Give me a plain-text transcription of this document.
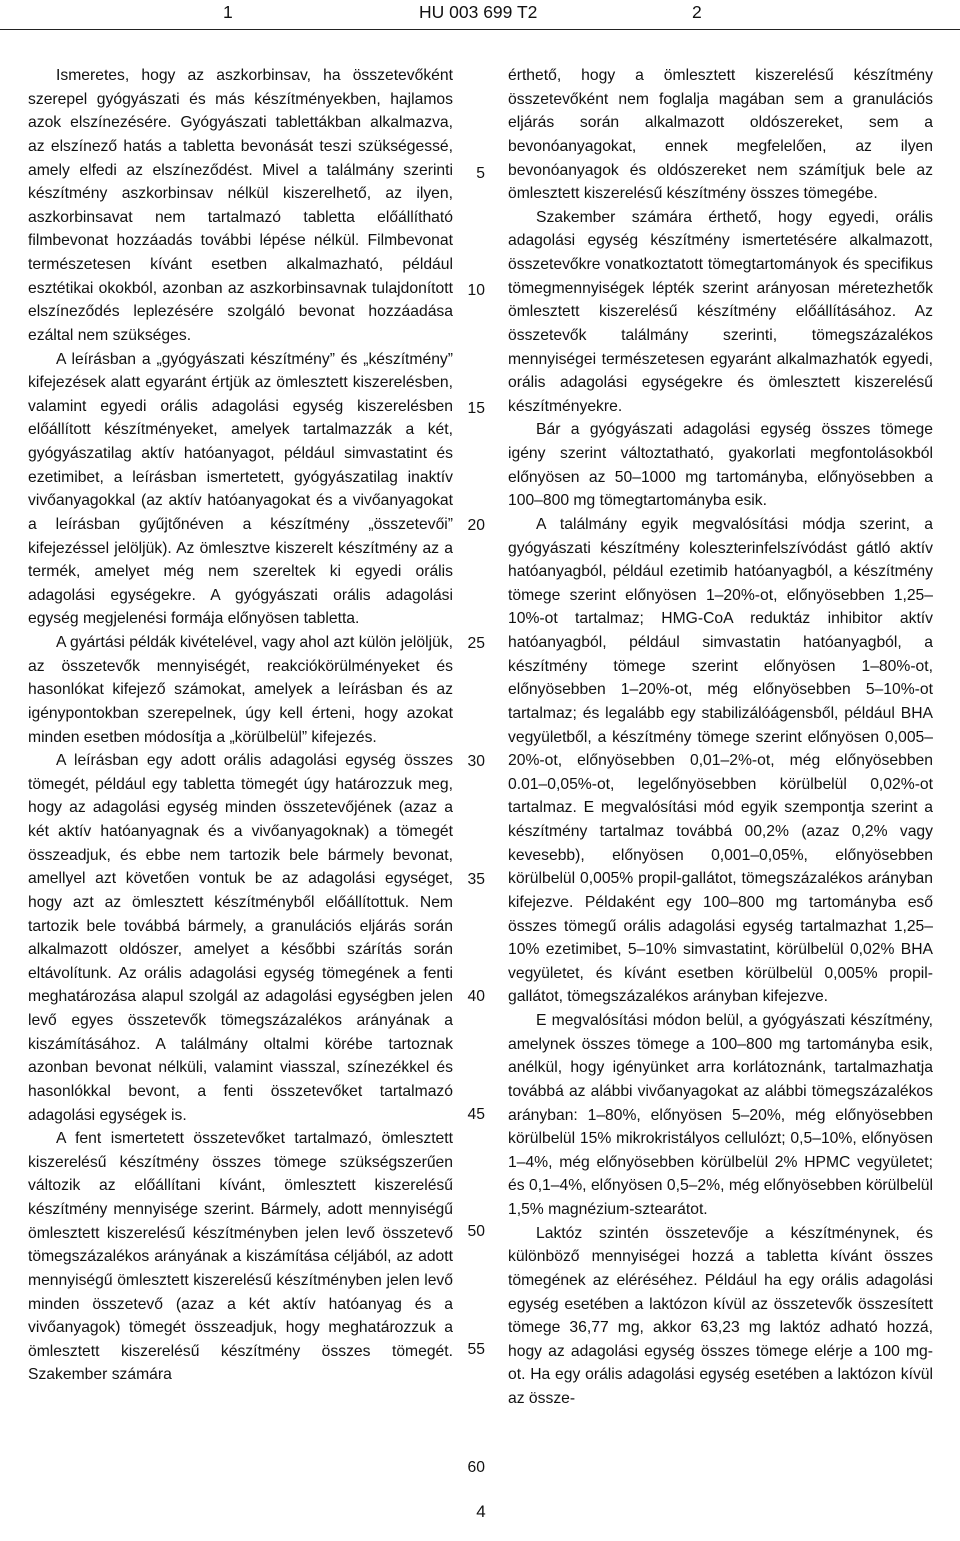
1	HU 003 699 T2	2

Ismeretes, hogy az aszkorbinsav, ha összetevőként szerepel gyógyászati és más készítményekben, hajlamos azok elszínezésére. Gyógyászati tablettákban alkalmazva, az elszínező hatás a tabletta bevonását teszi szükségessé, amely elfedi az elszíneződést. Mivel a találmány szerinti készítmény aszkorbinsav nélkül kiszerelhető, az ilyen, aszkorbinsavat nem tartalmazó tabletta előállítható filmbevonat hozzáadás további lépése nélkül. Filmbevonat természetesen kívánt esetben alkalmazható, például esztétikai okokból, azonban az aszkorbinsavnak tulajdonított elszíneződés leplezésére szolgáló bevonat hozzáadása ezáltal nem szükséges.

A leírásban a „gyógyászati készítmény” és „készítmény” kifejezések alatt egyaránt értjük az ömlesztett kiszerelésben, valamint egyedi orális adagolási egység kiszerelésben előállított készítményeket, amelyek tartalmazzák a két, gyógyászatilag aktív hatóanyagot, például simvastatint és ezetimibet, a leírásban ismertetett, gyógyászatilag inaktív vivőanyagokkal (az aktív hatóanyagokat és a vivőanyagokat a leírásban gyűjtőnéven a készítmény „összetevői” kifejezéssel jelöljük). Az ömlesztve kiszerelt készítmény az a termék, amelyet még nem szereltek ki egyedi orális adagolási egységekre. A gyógyászati orális adagolási egység megjelenési formája előnyösen tabletta.

A gyártási példák kivételével, vagy ahol azt külön jelöljük, az összetevők mennyiségét, reakciókörülményeket és hasonlókat kifejező számokat, amelyek a leírásban és az igénypontokban szerepelnek, úgy kell érteni, hogy azokat minden esetben módosítja a „körülbelül” kifejezés.

A leírásban egy adott orális adagolási egység összes tömegét, például egy tabletta tömegét úgy határozzuk meg, hogy az adagolási egység minden összetevőjének (azaz a két aktív hatóanyagnak és a vivőanyagoknak) a tömegét összeadjuk, és ebbe nem tartozik bele bármely bevonat, amellyel azt követően vontuk be az adagolási egységet, hogy azt az ömlesztett készítményből előállítottuk. Nem tartozik bele továbbá bármely, a granulációs eljárás során alkalmazott oldószer, amelyet a későbbi szárítás során eltávolítunk. Az orális adagolási egység tömegének a fenti meghatározása alapul szolgál az adagolási egységben jelen levő egyes összetevők tömegszázalékos arányának a kiszámításához. A találmány oltalmi körébe tartoznak azonban bevonat nélküli, valamint viasszal, színezékkel és hasonlókkal bevont, a fenti összetevőket tartalmazó adagolási egységek is.

A fent ismertetett összetevőket tartalmazó, ömlesztett kiszerelésű készítmény összes tömege szükségszerűen változik az előállítani kívánt, ömlesztett kiszerelésű készítmény mennyisége szerint. Bármely, adott mennyiségű ömlesztett kiszerelésű készítményben jelen levő összetevő tömegszázalékos arányának a kiszámítása céljából, az adott mennyiségű ömlesztett kiszerelésű készítményben jelen levő minden összetevő (azaz a két aktív hatóanyag és a vivőanyagok) tömegét összeadjuk, hogy meghatározzuk a ömlesztett kiszerelésű készítmény összes tömegét. Szakember számára

érthető, hogy a ömlesztett kiszerelésű készítmény összetevőként nem foglalja magában sem a granulációs eljárás során alkalmazott oldószereket, sem a bevonóanyagokat, ennek megfelelően, az ilyen bevonóanyagok és oldószereket nem számítjuk bele az ömlesztett kiszerelésű készítmény összes tömegébe.

Szakember számára érthető, hogy egyedi, orális adagolási egység készítmény ismertetésére alkalmazott, összetevőkre vonatkoztatott tömegtartományok és specifikus tömegmennyiségek lépték szerint arányosan méretezhetők ömlesztett kiszerelésű készítmény előállításához. Az összetevők találmány szerinti, tömegszázalékos mennyiségei természetesen egyaránt alkalmazhatók egyedi, orális adagolási egységekre és ömlesztett kiszerelésű készítményekre.

Bár a gyógyászati adagolási egység összes tömege igény szerint változtatható, gyakorlati megfontolásokból előnyösen az 50–1000 mg tartományba, előnyösebben a 100–800 mg tömegtartományba esik.

A találmány egyik megvalósítási módja szerint, a gyógyászati készítmény koleszterinfelszívódást gátló aktív hatóanyagból, például ezetimib hatóanyagból, a készítmény tömege szerint előnyösen 1–20%-ot, előnyösebben 1,25–10%-ot tartalmaz; HMG-CoA reduktáz inhibitor aktív hatóanyagból, például simvastatin hatóanyagból, a készítmény tömege szerint előnyösen 1–80%-ot, előnyösebben 1–20%-ot, még előnyösebben 5–10%-ot tartalmaz; és legalább egy stabilizálóágensből, például BHA vegyületből, a készítmény tömege szerint előnyösen 0,005–20%-ot, előnyösebben 0,01–2%-ot, még előnyösebben 0.01–0,05%-ot, legelőnyösebben körülbelül 0,02%-ot tartalmaz. E megvalósítási mód egyik szempontja szerint a készítmény tartalmaz továbbá 00,2% (azaz 0,2% vagy kevesebb), előnyösen 0,001–0,05%, előnyösebben körülbelül 0,005% propil-gallátot, tömegszázalékos arányban kifejezve. Példaként egy 100–800 mg tartományba eső összes tömegű orális adagolási egység tartalmazhat 1,25–10% ezetimibet, 5–10% simvastatint, körülbelül 0,02% BHA vegyületet, és kívánt esetben körülbelül 0,005% propil-gallátot, tömegszázalékos arányban kifejezve.

E megvalósítási módon belül, a gyógyászati készítmény, amelynek összes tömege a 100–800 mg tartományba esik, anélkül, hogy igényünket arra korlátoznánk, tartalmazhatja továbbá az alábbi vivőanyagokat az alábbi tömegszázalékos arányban: 1–80%, előnyösen 5–20%, még előnyösebben körülbelül 15% mikrokristályos cellulózt; 0,5–10%, előnyösen 1–4%, még előnyösebben körülbelül 2% HPMC vegyületet; és 0,1–4%, előnyösen 0,5–2%, még előnyösebben körülbelül 1,5% magnézium-sztearátot.

Laktóz szintén összetevője a készítménynek, és különböző mennyiségei hozzá a tabletta kívánt összes tömegének az eléréséhez. Például ha egy orális adagolási egység esetében a laktózon kívül az összetevők összesített tömege 36,77 mg, akkor 63,23 mg laktóz adható hozzá, hogy az adagolási egység összes tömege elérje a 100 mg-ot. Ha egy orális adagolási egység esetében a laktózon kívül az össze-

5
10
15
20
25
30
35
40
45
50
55
60
4
